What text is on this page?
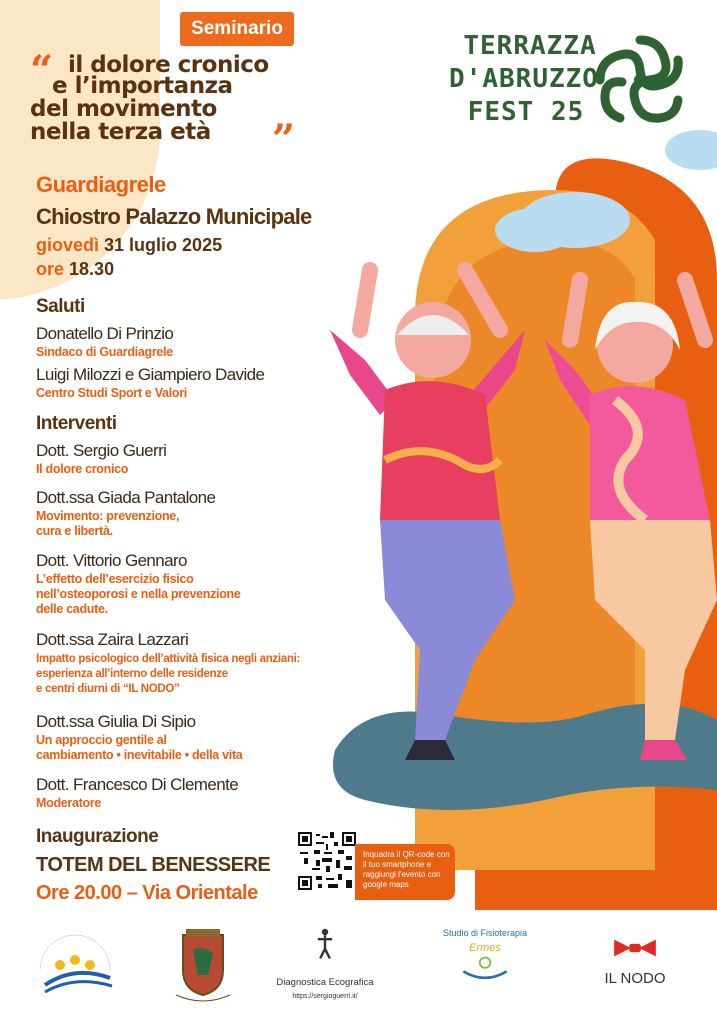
Seminario
“ il dolore cronico
e l’importanza
del movimento
nella terza età ”
TERRAZZA
D'ABRUZZO
FEST 25
Guardiagrele
Chiostro Palazzo Municipale
giovedì 31 luglio 2025
ore 18.30
Saluti
Donatello Di Prinzio
Sindaco di Guardiagrele
Luigi Milozzi e Giampiero Davide
Centro Studi Sport e Valori
Interventi
Dott. Sergio Guerri
Il dolore cronico
Dott.ssa Giada Pantalone
Movimento: prevenzione,
cura e libertà.
Dott. Vittorio Gennaro
L’effetto dell’esercizio fisico
nell’osteoporosi e nella prevenzione
delle cadute.
Dott.ssa Zaira Lazzari
Impatto psicologico dell’attività fisica negli anziani:
esperienza all’interno delle residenze
e centri diurni di “IL NODO”
Dott.ssa Giulia Di Sipio
Un approccio gentile al
cambiamento • inevitabile • della vita
Dott. Francesco Di Clemente
Moderatore
Inaugurazione
TOTEM DEL BENESSERE
Ore 20.00 – Via Orientale
Inquadra il QR-code con il tuo smartphone e raggiungi l'evento con google maps
Diagnostica Ecografica
https://sergioguerri.it/
Studio di Fisioterapia
Ermes
IL NODO
